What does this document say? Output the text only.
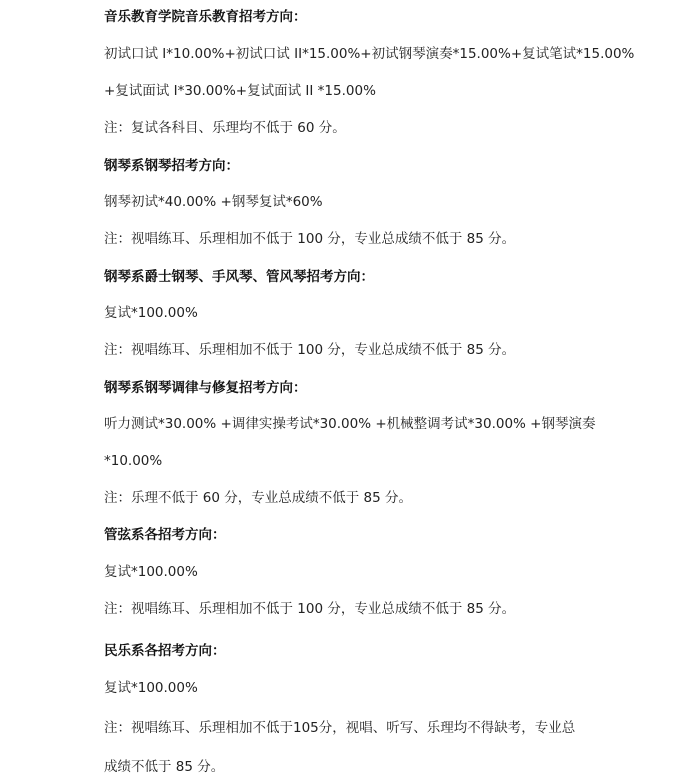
音乐教育学院音乐教育招考方向：
初试口试 I*10.00%+初试口试 II*15.00%+初试钢琴演奏*15.00%+复试笔试*15.00%
+复试面试 I*30.00%+复试面试 II *15.00%
注：复试各科目、乐理均不低于 60 分。
钢琴系钢琴招考方向：
钢琴初试*40.00% +钢琴复试*60%
注：视唱练耳、乐理相加不低于 100 分，专业总成绩不低于 85 分。
钢琴系爵士钢琴、手风琴、管风琴招考方向：
复试*100.00%
注：视唱练耳、乐理相加不低于 100 分，专业总成绩不低于 85 分。
钢琴系钢琴调律与修复招考方向：
听力测试*30.00% +调律实操考试*30.00% +机械整调考试*30.00% +钢琴演奏
*10.00%
注：乐理不低于 60 分，专业总成绩不低于 85 分。
管弦系各招考方向：
复试*100.00%
注：视唱练耳、乐理相加不低于 100 分，专业总成绩不低于 85 分。
民乐系各招考方向：
复试*100.00%
注：视唱练耳、乐理相加不低于105分，视唱、听写、乐理均不得缺考，专业总
成绩不低于 85 分。
